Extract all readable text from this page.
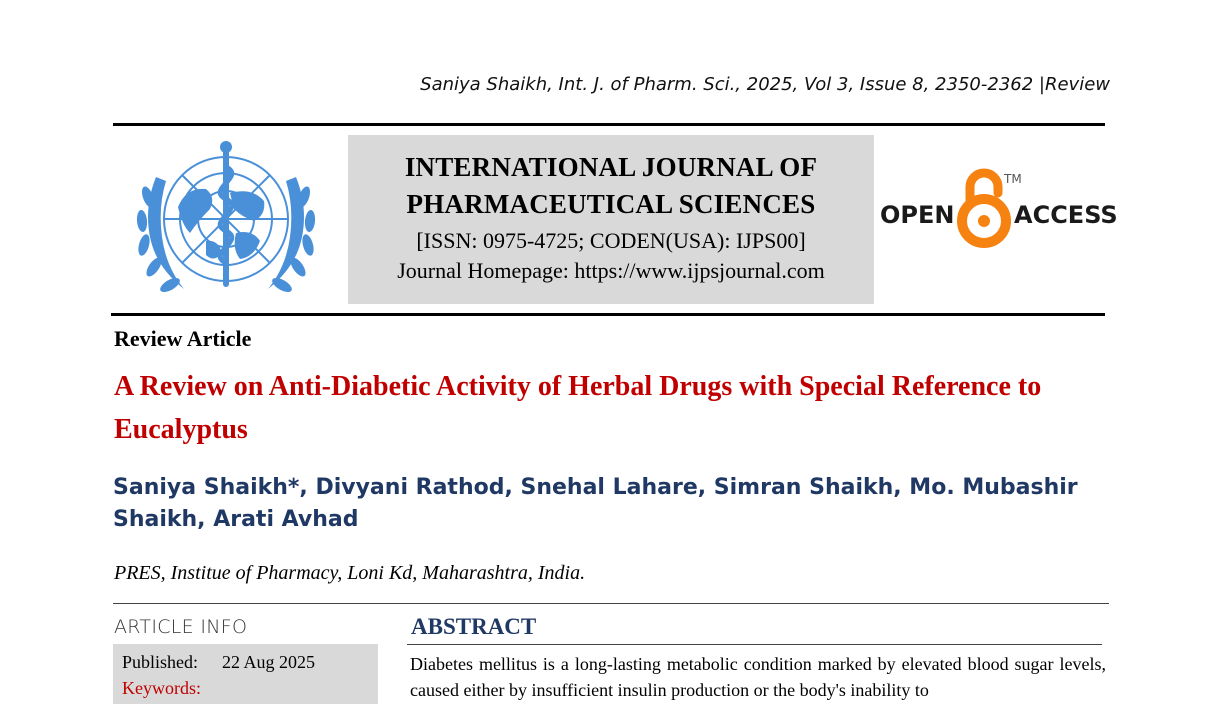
Saniya Shaikh, Int. J. of Pharm. Sci., 2025, Vol 3, Issue 8, 2350-2362 |Review
INTERNATIONAL JOURNAL OF
PHARMACEUTICAL SCIENCES
[ISSN: 0975-4725; CODEN(USA): IJPS00]
Journal Homepage: https://www.ijpsjournal.com
OPEN
TM
ACCESS
Review Article
A Review on Anti-Diabetic Activity of Herbal Drugs with Special Reference to Eucalyptus
Saniya Shaikh*, Divyani Rathod, Snehal Lahare, Simran Shaikh, Mo. Mubashir Shaikh, Arati Avhad
PRES, Institue of Pharmacy, Loni Kd, Maharashtra, India.
ARTICLE INFO
Published: 22 Aug 2025
Keywords:
ABSTRACT
Diabetes mellitus is a long-lasting metabolic condition marked by elevated blood sugar levels, caused either by insufficient insulin production or the body's inability to
